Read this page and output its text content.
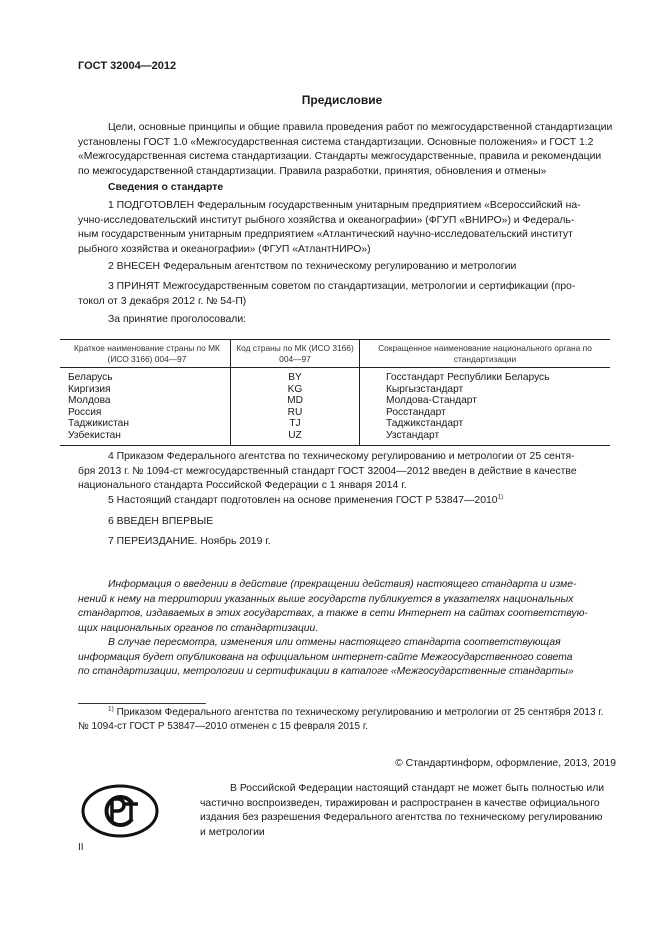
ГОСТ 32004—2012
Предисловие
Цели, основные принципы и общие правила проведения работ по межгосударственной стандартизации
установлены ГОСТ 1.0 «Межгосударственная система стандартизации. Основные положения» и ГОСТ 1.2
«Межгосударственная система стандартизации. Стандарты межгосударственные, правила и рекомендации
по межгосударственной стандартизации. Правила разработки, принятия, обновления и отмены»
Сведения о стандарте
1 ПОДГОТОВЛЕН Федеральным государственным унитарным предприятием «Всероссийский на-
учно-исследовательский институт рыбного хозяйства и океанографии» (ФГУП «ВНИРО») и Федераль-
ным государственным унитарным предприятием «Атлантический научно-исследовательский институт
рыбного хозяйства и океанографии» (ФГУП «АтлантНИРО»)
2 ВНЕСЕН Федеральным агентством по техническому регулированию и метрологии
3 ПРИНЯТ Межгосударственным советом по стандартизации, метрологии и сертификации (про-
токол от 3 декабря 2012 г. № 54-П)
За принятие проголосовали:
Краткое наименование страны по МК (ИСО 3166) 004—97	Код страны по МК (ИСО 3166) 004—97	Сокращенное наименование национального органа по стандартизации
Беларусь	BY	Госстандарт Республики Беларусь
Киргизия	KG	Кыргызстандарт
Молдова	MD	Молдова-Стандарт
Россия	RU	Росстандарт
Таджикистан	TJ	Таджикстандарт
Узбекистан	UZ	Узстандарт
4 Приказом Федерального агентства по техническому регулированию и метрологии от 25 сентя-
бря 2013 г. № 1094-ст межгосударственный стандарт ГОСТ 32004—2012 введен в действие в качестве
национального стандарта Российской Федерации с 1 января 2014 г.
5 Настоящий стандарт подготовлен на основе применения ГОСТ Р 53847—2010$^{1)}$
6 ВВЕДЕН ВПЕРВЫЕ
7 ПЕРЕИЗДАНИЕ. Ноябрь 2019 г.
Информация о введении в действие (прекращении действия) настоящего стандарта и изме-
нений к нему на территории указанных выше государств публикуется в указателях национальных
стандартов, издаваемых в этих государствах, а также в сети Интернет на сайтах соответствую-
щих национальных органов по стандартизации.
В случае пересмотра, изменения или отмены настоящего стандарта соответствующая
информация будет опубликована на официальном интернет-сайте Межгосударственного совета
по стандартизации, метрологии и сертификации в каталоге «Межгосударственные стандарты»
$^{1)}$ Приказом Федерального агентства по техническому регулированию и метрологии от 25 сентября 2013 г.
№ 1094-ст ГОСТ Р 53847—2010 отменен с 15 февраля 2015 г.
© Стандартинформ, оформление, 2013, 2019
В Российской Федерации настоящий стандарт не может быть полностью или
частично воспроизведен, тиражирован и распространен в качестве официального
издания без разрешения Федерального агентства по техническому регулированию
и метрологии
II
